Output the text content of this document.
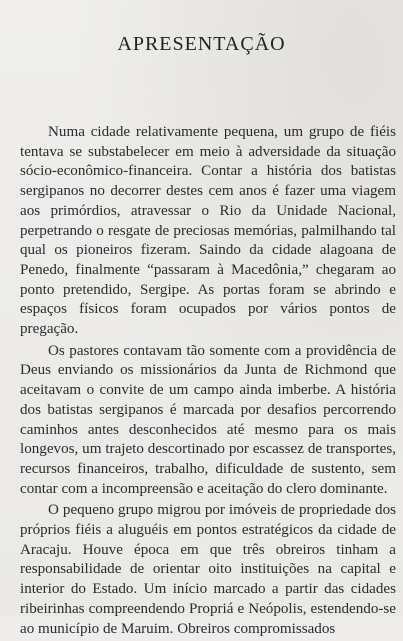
APRESENTAÇÃO

Numa cidade relativamente pequena, um grupo de fiéis tentava se substabelecer em meio à adversidade da situação sócio-econômico-financeira. Contar a história dos batistas sergipanos no decorrer destes cem anos é fazer uma viagem aos primórdios, atravessar o Rio da Unidade Nacional, perpetrando o resgate de preciosas memórias, palmilhando tal qual os pioneiros fizeram. Saindo da cidade alagoana de Penedo, finalmente “passaram à Macedônia,” chegaram ao ponto pretendido, Sergipe. As portas foram se abrindo e espaços físicos foram ocupados por vários pontos de pregação.

Os pastores contavam tão somente com a providência de Deus enviando os missionários da Junta de Richmond que aceitavam o convite de um campo ainda imberbe. A história dos batistas sergipanos é marcada por desafios percorrendo caminhos antes desconhecidos até mesmo para os mais longevos, um trajeto descortinado por escassez de transportes, recursos financeiros, trabalho, dificuldade de sustento, sem contar com a incompreensão e aceitação do clero dominante.

O pequeno grupo migrou por imóveis de propriedade dos próprios fiéis a aluguéis em pontos estratégicos da cidade de Aracaju. Houve época em que três obreiros tinham a responsabilidade de orientar oito instituições na capital e interior do Estado. Um início marcado a partir das cidades ribeirinhas compreendendo Propriá e Neópolis, estendendo-se ao município de Maruim. Obreiros compromissados
